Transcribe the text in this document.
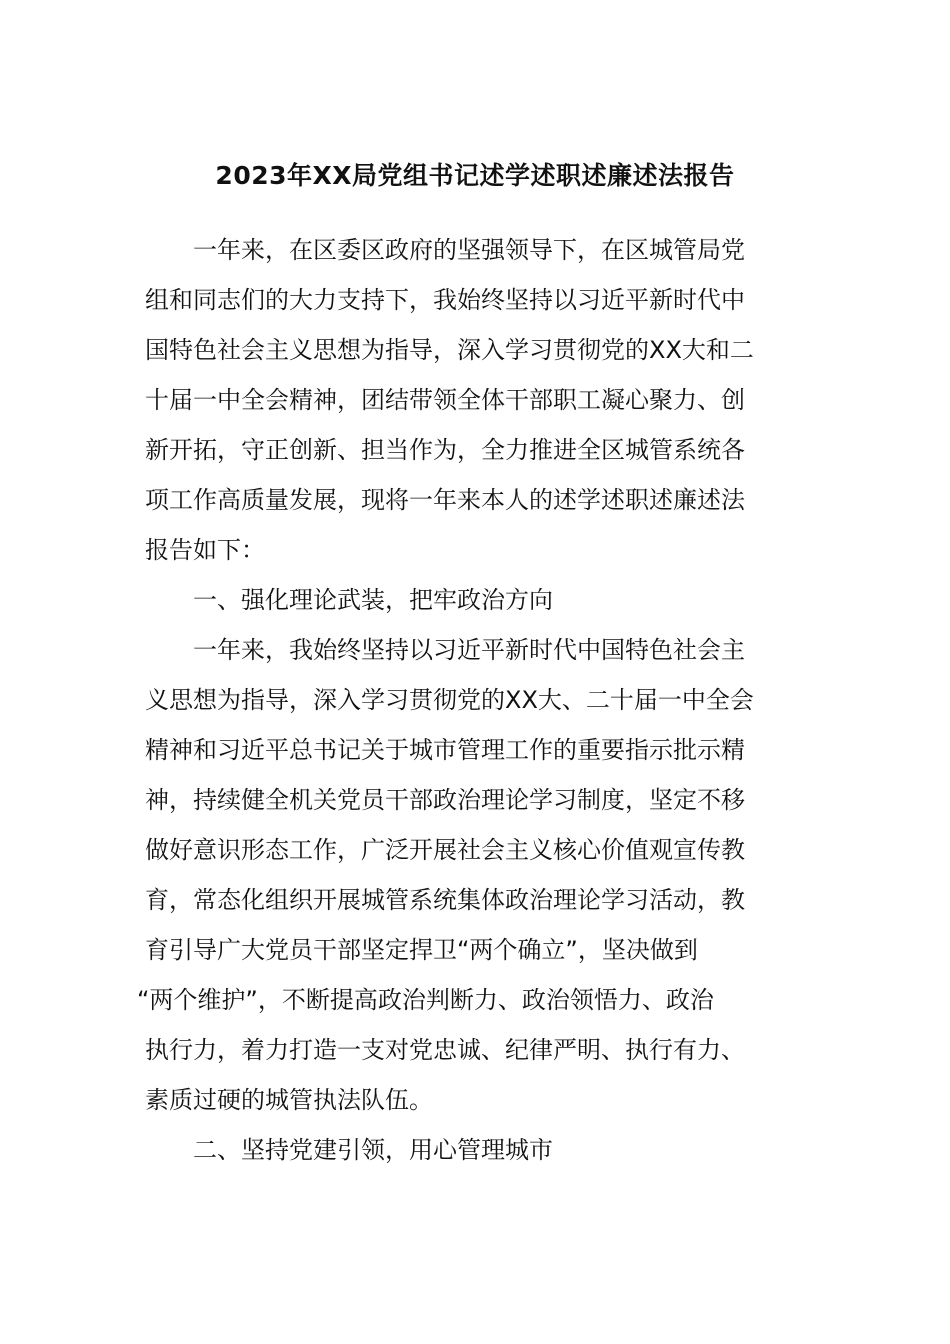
2023年XX局党组书记述学述职述廉述法报告
一年来，在区委区政府的坚强领导下，在区城管局党
组和同志们的大力支持下，我始终坚持以习近平新时代中
国特色社会主义思想为指导，深入学习贯彻党的XX大和二
十届一中全会精神，团结带领全体干部职工凝心聚力、创
新开拓，守正创新、担当作为，全力推进全区城管系统各
项工作高质量发展，现将一年来本人的述学述职述廉述法
报告如下：
一、强化理论武装，把牢政治方向
一年来，我始终坚持以习近平新时代中国特色社会主
义思想为指导，深入学习贯彻党的XX大、二十届一中全会
精神和习近平总书记关于城市管理工作的重要指示批示精
神，持续健全机关党员干部政治理论学习制度，坚定不移
做好意识形态工作，广泛开展社会主义核心价值观宣传教
育，常态化组织开展城管系统集体政治理论学习活动，教
育引导广大党员干部坚定捍卫“两个确立”，坚决做到
“两个维护”，不断提高政治判断力、政治领悟力、政治
执行力，着力打造一支对党忠诚、纪律严明、执行有力、
素质过硬的城管执法队伍。
二、坚持党建引领，用心管理城市
